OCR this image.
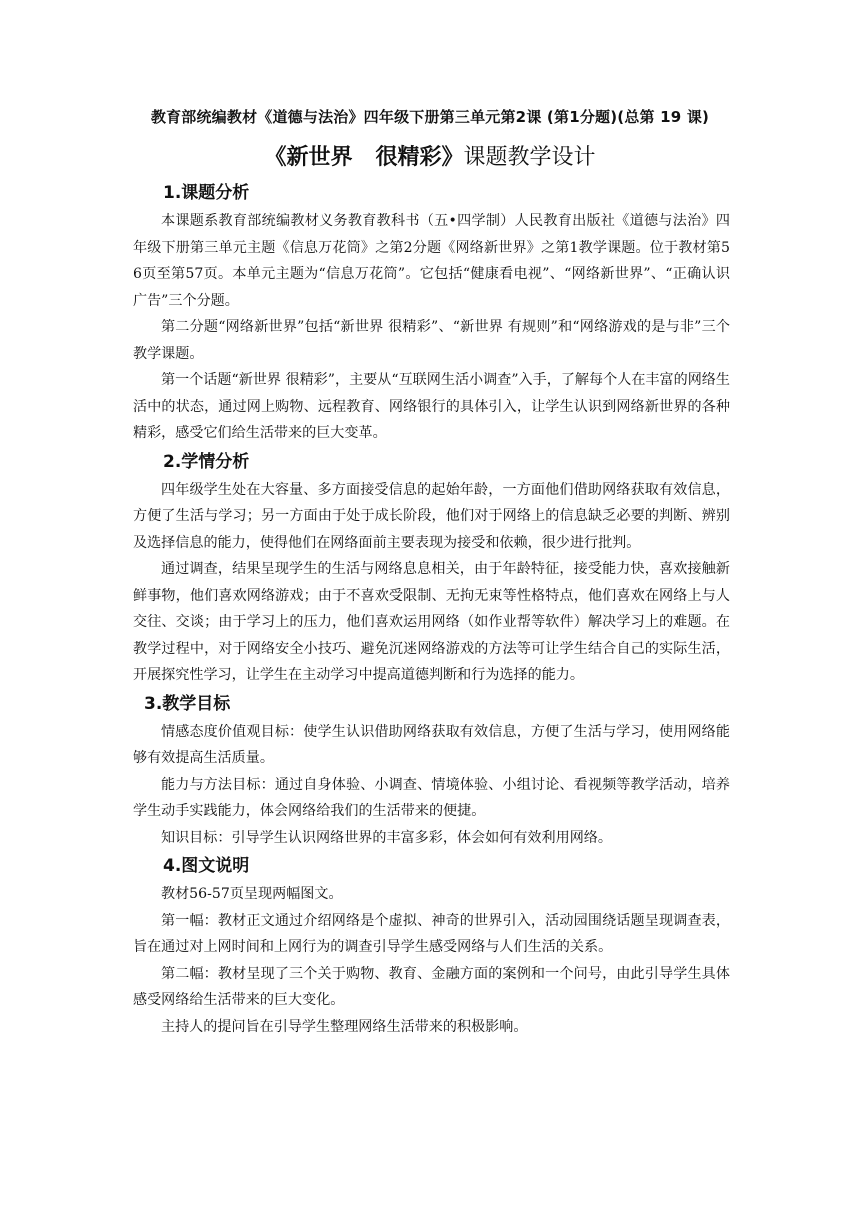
教育部统编教材《道德与法治》四年级下册第三单元第2课 (第1分题)(总第 19 课)
《新世界   很精彩》课题教学设计
1.课题分析

本课题系教育部统编教材义务教育教科书（五•四学制）人民教育出版社《道德与法治》四年级下册第三单元主题《信息万花筒》之第2分题《网络新世界》之第1教学课题。位于教材第56页至第57页。本单元主题为“信息万花筒”。它包括“健康看电视”、“网络新世界”、“正确认识广告”三个分题。

第二分题“网络新世界”包括“新世界 很精彩”、“新世界 有规则”和“网络游戏的是与非”三个教学课题。

第一个话题“新世界 很精彩”，主要从“互联网生活小调查”入手，了解每个人在丰富的网络生活中的状态，通过网上购物、远程教育、网络银行的具体引入，让学生认识到网络新世界的各种精彩，感受它们给生活带来的巨大变革。

2.学情分析

四年级学生处在大容量、多方面接受信息的起始年龄，一方面他们借助网络获取有效信息，方便了生活与学习；另一方面由于处于成长阶段，他们对于网络上的信息缺乏必要的判断、辨别及选择信息的能力，使得他们在网络面前主要表现为接受和依赖，很少进行批判。

通过调查，结果呈现学生的生活与网络息息相关，由于年龄特征，接受能力快，喜欢接触新鲜事物，他们喜欢网络游戏；由于不喜欢受限制、无拘无束等性格特点，他们喜欢在网络上与人交往、交谈；由于学习上的压力，他们喜欢运用网络（如作业帮等软件）解决学习上的难题。在教学过程中，对于网络安全小技巧、避免沉迷网络游戏的方法等可让学生结合自己的实际生活，开展探究性学习，让学生在主动学习中提高道德判断和行为选择的能力。

3.教学目标

情感态度价值观目标：使学生认识借助网络获取有效信息，方便了生活与学习，使用网络能够有效提高生活质量。

能力与方法目标：通过自身体验、小调查、情境体验、小组讨论、看视频等教学活动，培养学生动手实践能力，体会网络给我们的生活带来的便捷。

知识目标：引导学生认识网络世界的丰富多彩，体会如何有效利用网络。

4.图文说明

教材56-57页呈现两幅图文。

第一幅：教材正文通过介绍网络是个虚拟、神奇的世界引入，活动园围绕话题呈现调查表，旨在通过对上网时间和上网行为的调查引导学生感受网络与人们生活的关系。

第二幅：教材呈现了三个关于购物、教育、金融方面的案例和一个问号，由此引导学生具体感受网络给生活带来的巨大变化。

主持人的提问旨在引导学生整理网络生活带来的积极影响。
